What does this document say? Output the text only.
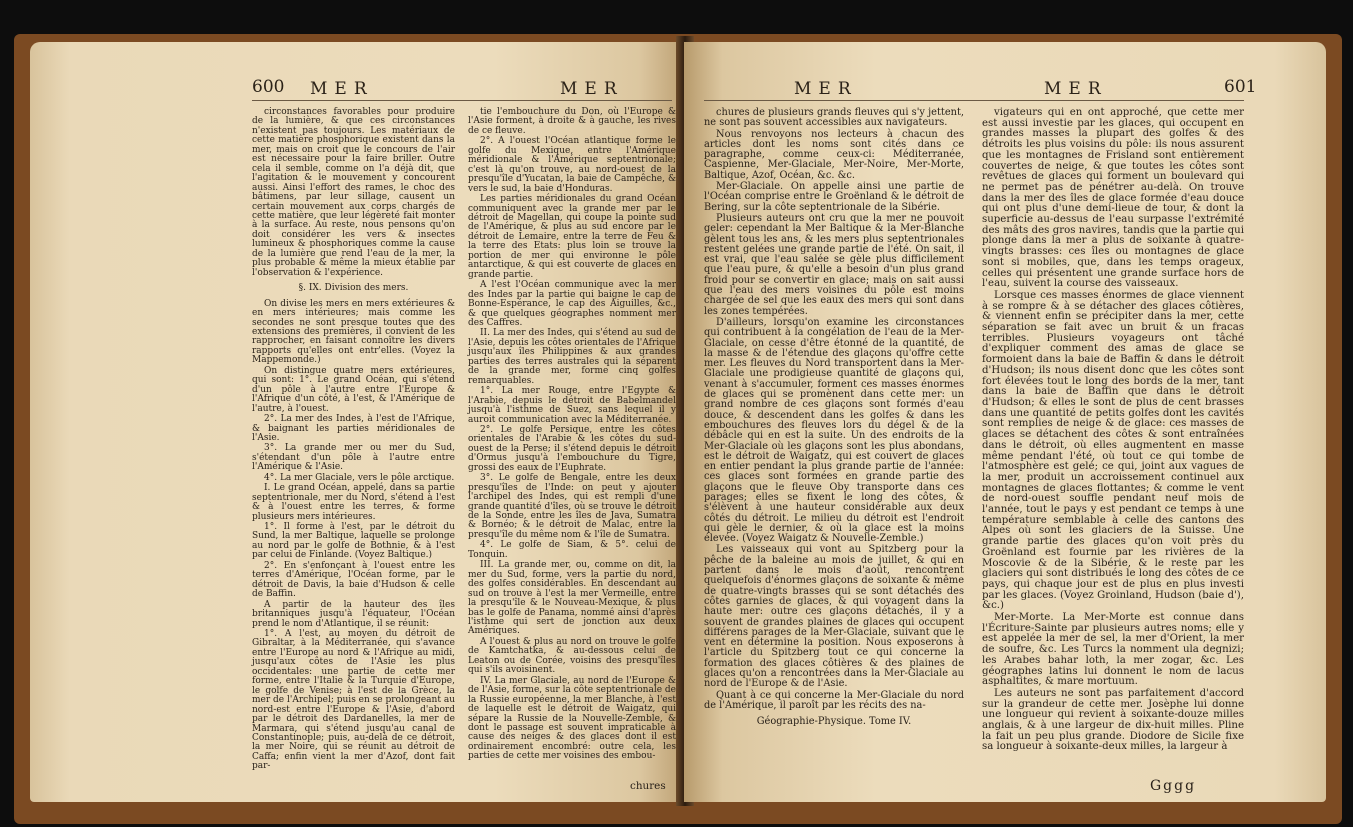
600 MER	MER

circonstances favorables pour produire de la lumière, & que ces circonstances n'existent pas toujours. Les matériaux de cette matière phosphorique existent dans la mer, mais on croit que le concours de l'air est nécessaire pour la faire briller. Outre cela il semble, comme on l'a déjà dit, que l'agitation & le mouvement y concourent aussi. Ainsi l'effort des rames, le choc des bâtimens, par leur sillage, causent un certain mouvement aux corps chargés de cette matière, que leur légèreté fait monter à la surface. Au reste, nous pensons qu'on doit considérer les vers & insectes lumineux & phosphoriques comme la cause de la lumière que rend l'eau de la mer, la plus probable & même la mieux établie par l'observation & l'expérience.

§. IX. Division des mers.

On divise les mers en mers extérieures & en mers intérieures; mais comme les secondes ne sont presque toutes que des extensions des premières, il convient de les rapprocher, en faisant connoître les divers rapports qu'elles ont entr'elles. (Voyez la Mappemonde.)

On distingue quatre mers extérieures, qui sont: 1°. Le grand Océan, qui s'étend d'un pôle à l'autre entre l'Europe & l'Afrique d'un côté, à l'est, & l'Amérique de l'autre, à l'ouest.

2°. La mer des Indes, à l'est de l'Afrique, & baignant les parties méridionales de l'Asie.

3°. La grande mer ou mer du Sud, s'étendant d'un pôle à l'autre entre l'Amérique & l'Asie.

4°. La mer Glaciale, vers le pôle arctique.

I. Le grand Océan, appelé, dans sa partie septentrionale, mer du Nord, s'étend à l'est & à l'ouest entre les terres, & forme plusieurs mers intérieures.

1°. Il forme à l'est, par le détroit du Sund, la mer Baltique, laquelle se prolonge au nord par le golfe de Bothnie, & à l'est par celui de Finlande. (Voyez Baltique.)

2°. En s'enfonçant à l'ouest entre les terres d'Amérique, l'Océan forme, par le détroit de Davis, la baie d'Hudson & celle de Baffin.

A partir de la hauteur des îles britanniques jusqu'à l'équateur, l'Océan prend le nom d'Atlantique, il se réunit:

1°. A l'est, au moyen du détroit de Gibraltar, à la Méditerranée, qui s'avance entre l'Europe au nord & l'Afrique au midi, jusqu'aux côtes de l'Asie les plus occidentales: une partie de cette mer forme, entre l'Italie & la Turquie d'Europe, le golfe de Venise; à l'est de la Grèce, la mer de l'Archipel; puis en se prolongeant au nord-est entre l'Europe & l'Asie, d'abord par le détroit des Dardanelles, la mer de Marmara, qui s'étend jusqu'au canal de Constantinople; puis, au-delà de ce détroit, la mer Noire, qui se réunit au détroit de Caffa; enfin vient la mer d'Azof, dont fait par-

tie l'embouchure du Don, où l'Europe & l'Asie forment, à droite & à gauche, les rives de ce fleuve.

2°. A l'ouest l'Océan atlantique forme le golfe du Mexique, entre l'Amérique méridionale & l'Amérique septentrionale; c'est là qu'on trouve, au nord-ouest de la presqu'île d'Yucatan, la baie de Campêche, & vers le sud, la baie d'Honduras.

Les parties méridionales du grand Océan communiquent avec la grande mer par le détroit de Magellan, qui coupe la pointe sud de l'Amérique, & plus au sud encore par le détroit de Lemaire, entre la terre de Feu & la terre des Etats: plus loin se trouve la portion de mer qui environne le pôle antarctique, & qui est couverte de glaces en grande partie.

A l'est l'Océan communique avec la mer des Indes par la partie qui baigne le cap de Bonne-Espérance, le cap des Aiguilles, &c., & que quelques géographes nomment mer des Caffres.

II. La mer des Indes, qui s'étend au sud de l'Asie, depuis les côtes orientales de l'Afrique jusqu'aux îles Philippines & aux grandes parties des terres australes qui la séparent de la grande mer, forme cinq golfes remarquables.

1°. La mer Rouge, entre l'Egypte & l'Arabie, depuis le détroit de Babelmandel jusqu'à l'isthme de Suez, sans lequel il y auroit communication avec la Méditerranée.

2°. Le golfe Persique, entre les côtes orientales de l'Arabie & les côtes du sud-ouest de la Perse; il s'étend depuis le détroit d'Ormus jusqu'à l'embouchure du Tigre, grossi des eaux de l'Euphrate.

3°. Le golfe de Bengale, entre les deux presqu'îles de l'Inde: on peut y ajouter l'archipel des Indes, qui est rempli d'une grande quantité d'îles, où se trouve le détroit de la Sonde, entre les îles de Java, Sumatra & Bornéo; & le détroit de Malac, entre la presqu'île du même nom & l'île de Sumatra.

4°. Le golfe de Siam, & 5°. celui de Tonquin.

III. La grande mer, ou, comme on dit, la mer du Sud, forme, vers la partie du nord, des golfes considérables. En descendant au sud on trouve à l'est la mer Vermeille, entre la presqu'île & le Nouveau-Mexique, & plus bas le golfe de Panama, nommé ainsi d'après l'isthme qui sert de jonction aux deux Amériques.

A l'ouest & plus au nord on trouve le golfe de Kamtchatka, & au-dessous celui de Leaton ou de Corée, voisins des presqu'îles qui s'ils avoisinent.

IV. La mer Glaciale, au nord de l'Europe & de l'Asie, forme, sur la côte septentrionale de la Russie européenne, la mer Blanche, à l'est de laquelle est le détroit de Waigatz, qui sépare la Russie de la Nouvelle-Zemble, & dont le passage est souvent impraticable à cause des neiges & des glaces dont il est ordinairement encombré: outre cela, les parties de cette mer voisines des embou-

chures
MER	MER	601

chures de plusieurs grands fleuves qui s'y jettent, ne sont pas souvent accessibles aux navigateurs.

Nous renvoyons nos lecteurs à chacun des articles dont les noms sont cités dans ce paragraphe, comme ceux-ci: Méditerranée, Caspienne, Mer-Glaciale, Mer-Noire, Mer-Morte, Baltique, Azof, Océan, &c. &c.

Mer-Glaciale. On appelle ainsi une partie de l'Océan comprise entre le Groënland & le détroit de Bering, sur la côte septentrionale de la Sibérie.

Plusieurs auteurs ont cru que la mer ne pouvoit geler: cependant la Mer Baltique & la Mer-Blanche gèlent tous les ans, & les mers plus septentrionales restent gelées une grande partie de l'été. On sait, il est vrai, que l'eau salée se gèle plus difficilement que l'eau pure, & qu'elle a besoin d'un plus grand froid pour se convertir en glace; mais on sait aussi que l'eau des mers voisines du pôle est moins chargée de sel que les eaux des mers qui sont dans les zones tempérées.

D'ailleurs, lorsqu'on examine les circonstances qui contribuent à la congélation de l'eau de la Mer-Glaciale, on cesse d'être étonné de la quantité, de la masse & de l'étendue des glaçons qu'offre cette mer. Les fleuves du Nord transportent dans la Mer-Glaciale une prodigieuse quantité de glaçons qui, venant à s'accumuler, forment ces masses énormes de glaces qui se promènent dans cette mer: un grand nombre de ces glaçons sont formés d'eau douce, & descendent dans les golfes & dans les embouchures des fleuves lors du dégel & de la débâcle qui en est la suite. Un des endroits de la Mer-Glaciale où les glaçons sont les plus abondans, est le détroit de Waigatz, qui est couvert de glaces en entier pendant la plus grande partie de l'année: ces glaces sont formées en grande partie des glaçons que le fleuve Oby transporte dans ces parages; elles se fixent le long des côtes, & s'élèvent à une hauteur considérable aux deux côtés du détroit. Le milieu du détroit est l'endroit qui gèle le dernier, & où la glace est la moins élevée. (Voyez Waigatz & Nouvelle-Zemble.)

Les vaisseaux qui vont au Spitzberg pour la pêche de la baleine au mois de juillet, & qui en partent dans le mois d'août, rencontrent quelquefois d'énormes glaçons de soixante & même de quatre-vingts brasses qui se sont détachés des côtes garnies de glaces, & qui voyagent dans la haute mer: outre ces glaçons détachés, il y a souvent de grandes plaines de glaces qui occupent différens parages de la Mer-Glaciale, suivant que le vent en détermine la position. Nous exposerons à l'article du Spitzberg tout ce qui concerne la formation des glaces côtières & des plaines de glaces qu'on a rencontrées dans la Mer-Glaciale au nord de l'Europe & de l'Asie.

Quant à ce qui concerne la Mer-Glaciale du nord de l'Amérique, il paroît par les récits des na-

Géographie-Physique. Tome IV.

vigateurs qui en ont approché, que cette mer est aussi investie par les glaces, qui occupent en grandes masses la plupart des golfes & des détroits les plus voisins du pôle: ils nous assurent que les montagnes de Frisland sont entièrement couvertes de neige, & que toutes les côtes sont revêtues de glaces qui forment un boulevard qui ne permet pas de pénétrer au-delà. On trouve dans la mer des îles de glace formée d'eau douce qui ont plus d'une demi-lieue de tour, & dont la superficie au-dessus de l'eau surpasse l'extrémité des mâts des gros navires, tandis que la partie qui plonge dans la mer a plus de soixante à quatre-vingts brasses: ces îles ou montagnes de glace sont si mobiles, que, dans les temps orageux, celles qui présentent une grande surface hors de l'eau, suivent la course des vaisseaux.

Lorsque ces masses énormes de glace viennent à se rompre & à se détacher des glaces côtières, & viennent enfin se précipiter dans la mer, cette séparation se fait avec un bruit & un fracas terribles. Plusieurs voyageurs ont tâché d'expliquer comment des amas de glace se formoient dans la baie de Baffin & dans le détroit d'Hudson; ils nous disent donc que les côtes sont fort élevées tout le long des bords de la mer, tant dans la baie de Baffin que dans le détroit d'Hudson; & elles le sont de plus de cent brasses dans une quantité de petits golfes dont les cavités sont remplies de neige & de glace: ces masses de glaces se détachent des côtes & sont entraînées dans le détroit, où elles augmentent en masse même pendant l'été, où tout ce qui tombe de l'atmosphère est gelé; ce qui, joint aux vagues de la mer, produit un accroissement continuel aux montagnes de glaces flottantes; & comme le vent de nord-ouest souffle pendant neuf mois de l'année, tout le pays y est pendant ce temps à une température semblable à celle des cantons des Alpes où sont les glaciers de la Suisse. Une grande partie des glaces qu'on voit près du Groënland est fournie par les rivières de la Moscovie & de la Sibérie, & le reste par les glaciers qui sont distribués le long des côtes de ce pays, qui chaque jour est de plus en plus investi par les glaces. (Voyez Groinland, Hudson (baie d'), &c.)

Mer-Morte. La Mer-Morte est connue dans l'Écriture-Sainte par plusieurs autres noms; elle y est appelée la mer de sel, la mer d'Orient, la mer de soufre, &c. Les Turcs la nomment ula degnizi; les Arabes bahar loth, la mer zogar, &c. Les géographes latins lui donnent le nom de lacus asphaltites, & mare mortuum.

Les auteurs ne sont pas parfaitement d'accord sur la grandeur de cette mer. Josèphe lui donne une longueur qui revient à soixante-douze milles anglais, & à une largeur de dix-huit milles. Pline la fait un peu plus grande. Diodore de Sicile fixe sa longueur à soixante-deux milles, la largeur à

Gggg
